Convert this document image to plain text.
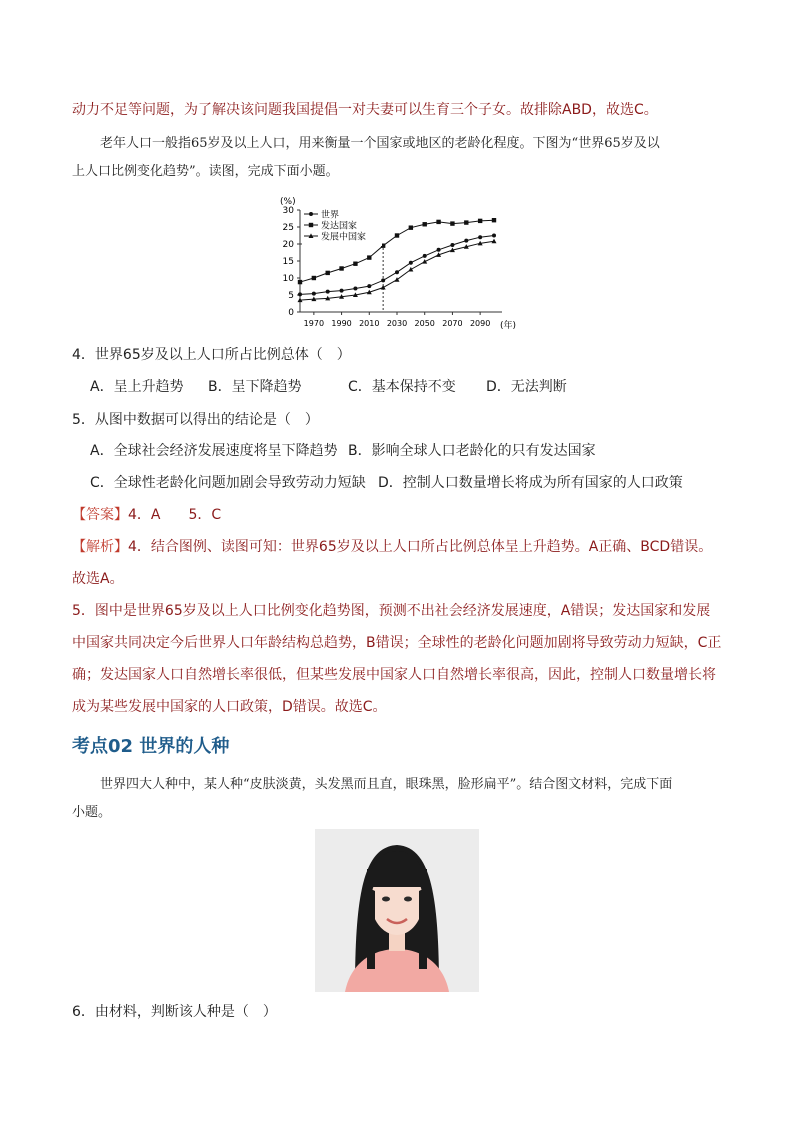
动力不足等问题，为了解决该问题我国提倡一对夫妻可以生育三个子女。故排除ABD，故选C。
老年人口一般指65岁及以上人口，用来衡量一个国家或地区的老龄化程度。下图为“世界65岁及以
上人口比例变化趋势”。读图，完成下面小题。
(%)
(年)
0
5
10
15
20
25
30
1970 1990 2010 2030 2050 2070 2090
世界
发达国家
发展中国家
4．世界65岁及以上人口所占比例总体（　）
A．呈上升趋势 B．呈下降趋势	C．基本保持不变 D．无法判断
5．从图中数据可以得出的结论是（　）
A．全球社会经济发展速度将呈下降趋势 B．影响全球人口老龄化的只有发达国家
C．全球性老龄化问题加剧会导致劳动力短缺 D．控制人口数量增长将成为所有国家的人口政策
【答案】4．A　　5．C
【解析】4．结合图例、读图可知：世界65岁及以上人口所占比例总体呈上升趋势。A正确、BCD错误。
故选A。
5．图中是世界65岁及以上人口比例变化趋势图，预测不出社会经济发展速度，A错误；发达国家和发展
中国家共同决定今后世界人口年龄结构总趋势，B错误；全球性的老龄化问题加剧将导致劳动力短缺，C正
确；发达国家人口自然增长率很低，但某些发展中国家人口自然增长率很高，因此，控制人口数量增长将
成为某些发展中国家的人口政策，D错误。故选C。
考点02 世界的人种
世界四大人种中，某人种“皮肤淡黄，头发黑而且直，眼珠黑，脸形扁平”。结合图文材料，完成下面
小题。
6．由材料，判断该人种是（　）
